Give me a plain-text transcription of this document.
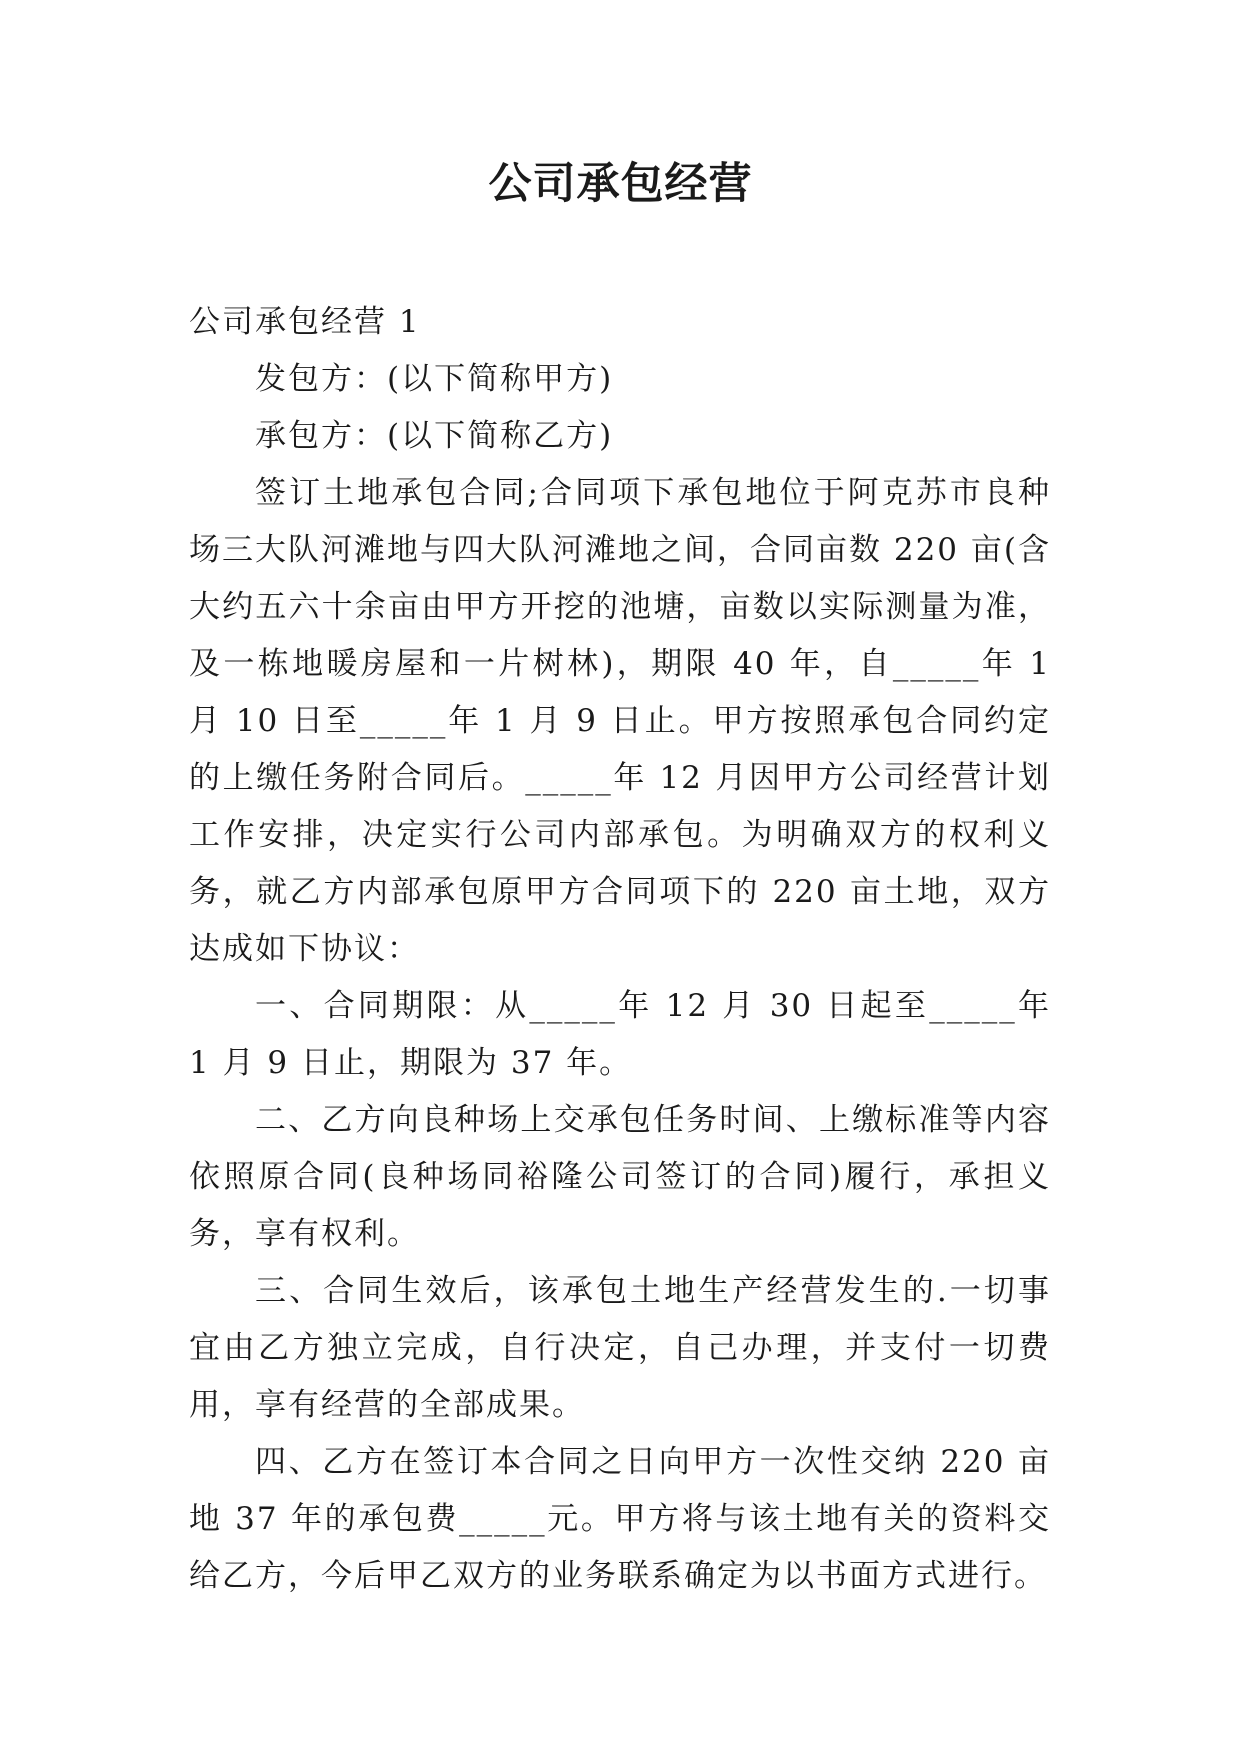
公司承包经营

公司承包经营 1

发包方：(以下简称甲方)

承包方：(以下简称乙方)

签订土地承包合同;合同项下承包地位于阿克苏市良种场三大队河滩地与四大队河滩地之间，合同亩数 220 亩(含大约五六十余亩由甲方开挖的池塘，亩数以实际测量为准，及一栋地暖房屋和一片树林)，期限 40 年，自_____年 1 月 10 日至_____年 1 月 9 日止。甲方按照承包合同约定的上缴任务附合同后。_____年 12 月因甲方公司经营计划工作安排，决定实行公司内部承包。为明确双方的权利义务，就乙方内部承包原甲方合同项下的 220 亩土地，双方达成如下协议：

一、合同期限：从_____年 12 月 30 日起至_____年 1 月 9 日止，期限为 37 年。

二、乙方向良种场上交承包任务时间、上缴标准等内容依照原合同(良种场同裕隆公司签订的合同)履行，承担义务，享有权利。

三、合同生效后，该承包土地生产经营发生的.一切事宜由乙方独立完成，自行决定，自己办理，并支付一切费用，享有经营的全部成果。

四、乙方在签订本合同之日向甲方一次性交纳 220 亩地 37 年的承包费_____元。甲方将与该土地有关的资料交给乙方，今后甲乙双方的业务联系确定为以书面方式进行。
